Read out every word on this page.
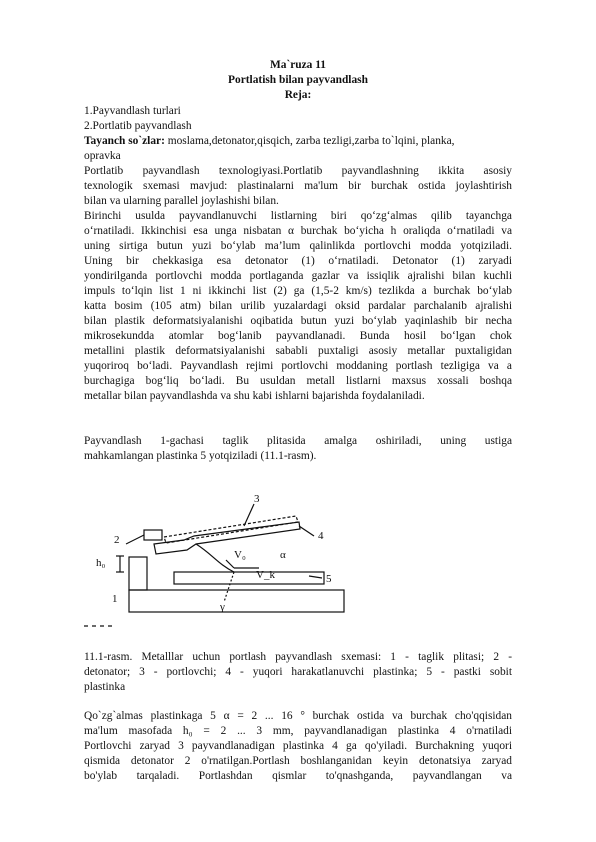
Ma`ruza 11
Portlatish bilan payvandlash
Reja:
1.Payvandlash turlari
2.Portlatib payvandlash
Tayanch so`zlar: moslama,detonator,qisqich, zarba tezligi,zarba to`lqini, planka,
opravka
Portlatib payvandlash texnologiyasi.Portlatib payvandlashning ikkita asosiy
texnologik sxemasi mavjud: plastinalarni ma'lum bir burchak ostida joylashtirish
bilan va ularning parallel joylashishi bilan.
Birinchi usulda payvandlanuvchi listlarning biri qo‘zg‘almas qilib tayanchga
o‘rnatiladi. Ikkinchisi esa unga nisbatan α burchak bo‘yicha h oraliqda o‘rnatiladi va
uning sirtiga butun yuzi bo‘ylab ma’lum qalinlikda portlovchi modda yotqiziladi.
Uning bir chekkasiga esa detonator (1) o‘rnatiladi. Detonator (1) zaryadi
yondirilganda portlovchi modda portlaganda gazlar va issiqlik ajralishi bilan kuchli
impuls to‘lqin list 1 ni ikkinchi list (2) ga (1,5-2 km/s) tezlikda a burchak bo‘ylab
katta bosim (105 atm) bilan urilib yuzalardagi oksid pardalar parchalanib ajralishi
bilan plastik deformatsiyalanishi oqibatida butun yuzi bo‘ylab yaqinlashib bir necha
mikrosekundda atomlar bog‘lanib payvandlanadi. Bunda hosil bo‘lgan chok
metallini plastik deformatsiyalanishi sababli puxtaligi asosiy metallar puxtaligidan
yuqoriroq bo‘ladi. Payvandlash rejimi portlovchi moddaning portlash tezligiga va a
burchagiga bog‘liq bo‘ladi. Bu usuldan metall listlarni maxsus xossali boshqa
metallar bilan payvandlashda va shu kabi ishlarni bajarishda foydalaniladi.
Payvandlash 1-gachasi taglik plitasida amalga oshiriladi, uning ustiga
mahkamlangan plastinka 5 yotqiziladi (11.1-rasm).
2
3
4
5
1
h₀
V₀
V_k
α
γ
11.1-rasm. Metalllar uchun portlash payvandlash sxemasi: 1 - taglik plitasi; 2 -
detonator; 3 - portlovchi; 4 - yuqori harakatlanuvchi plastinka; 5 - pastki sobit
plastinka
Qo`zg`almas plastinkaga 5 α = 2 ... 16 ° burchak ostida va burchak cho'qqisidan
ma'lum masofada h₀ = 2 ... 3 mm, payvandlanadigan plastinka 4 o'rnatiladi
Portlovchi zaryad 3 payvandlanadigan plastinka 4 ga qo'yiladi. Burchakning yuqori
qismida detonator 2 o'rnatilgan.Portlash boshlanganidan keyin detonatsiya zaryad
bo'ylab tarqaladi. Portlashdan qismlar to'qnashganda, payvandlangan va
